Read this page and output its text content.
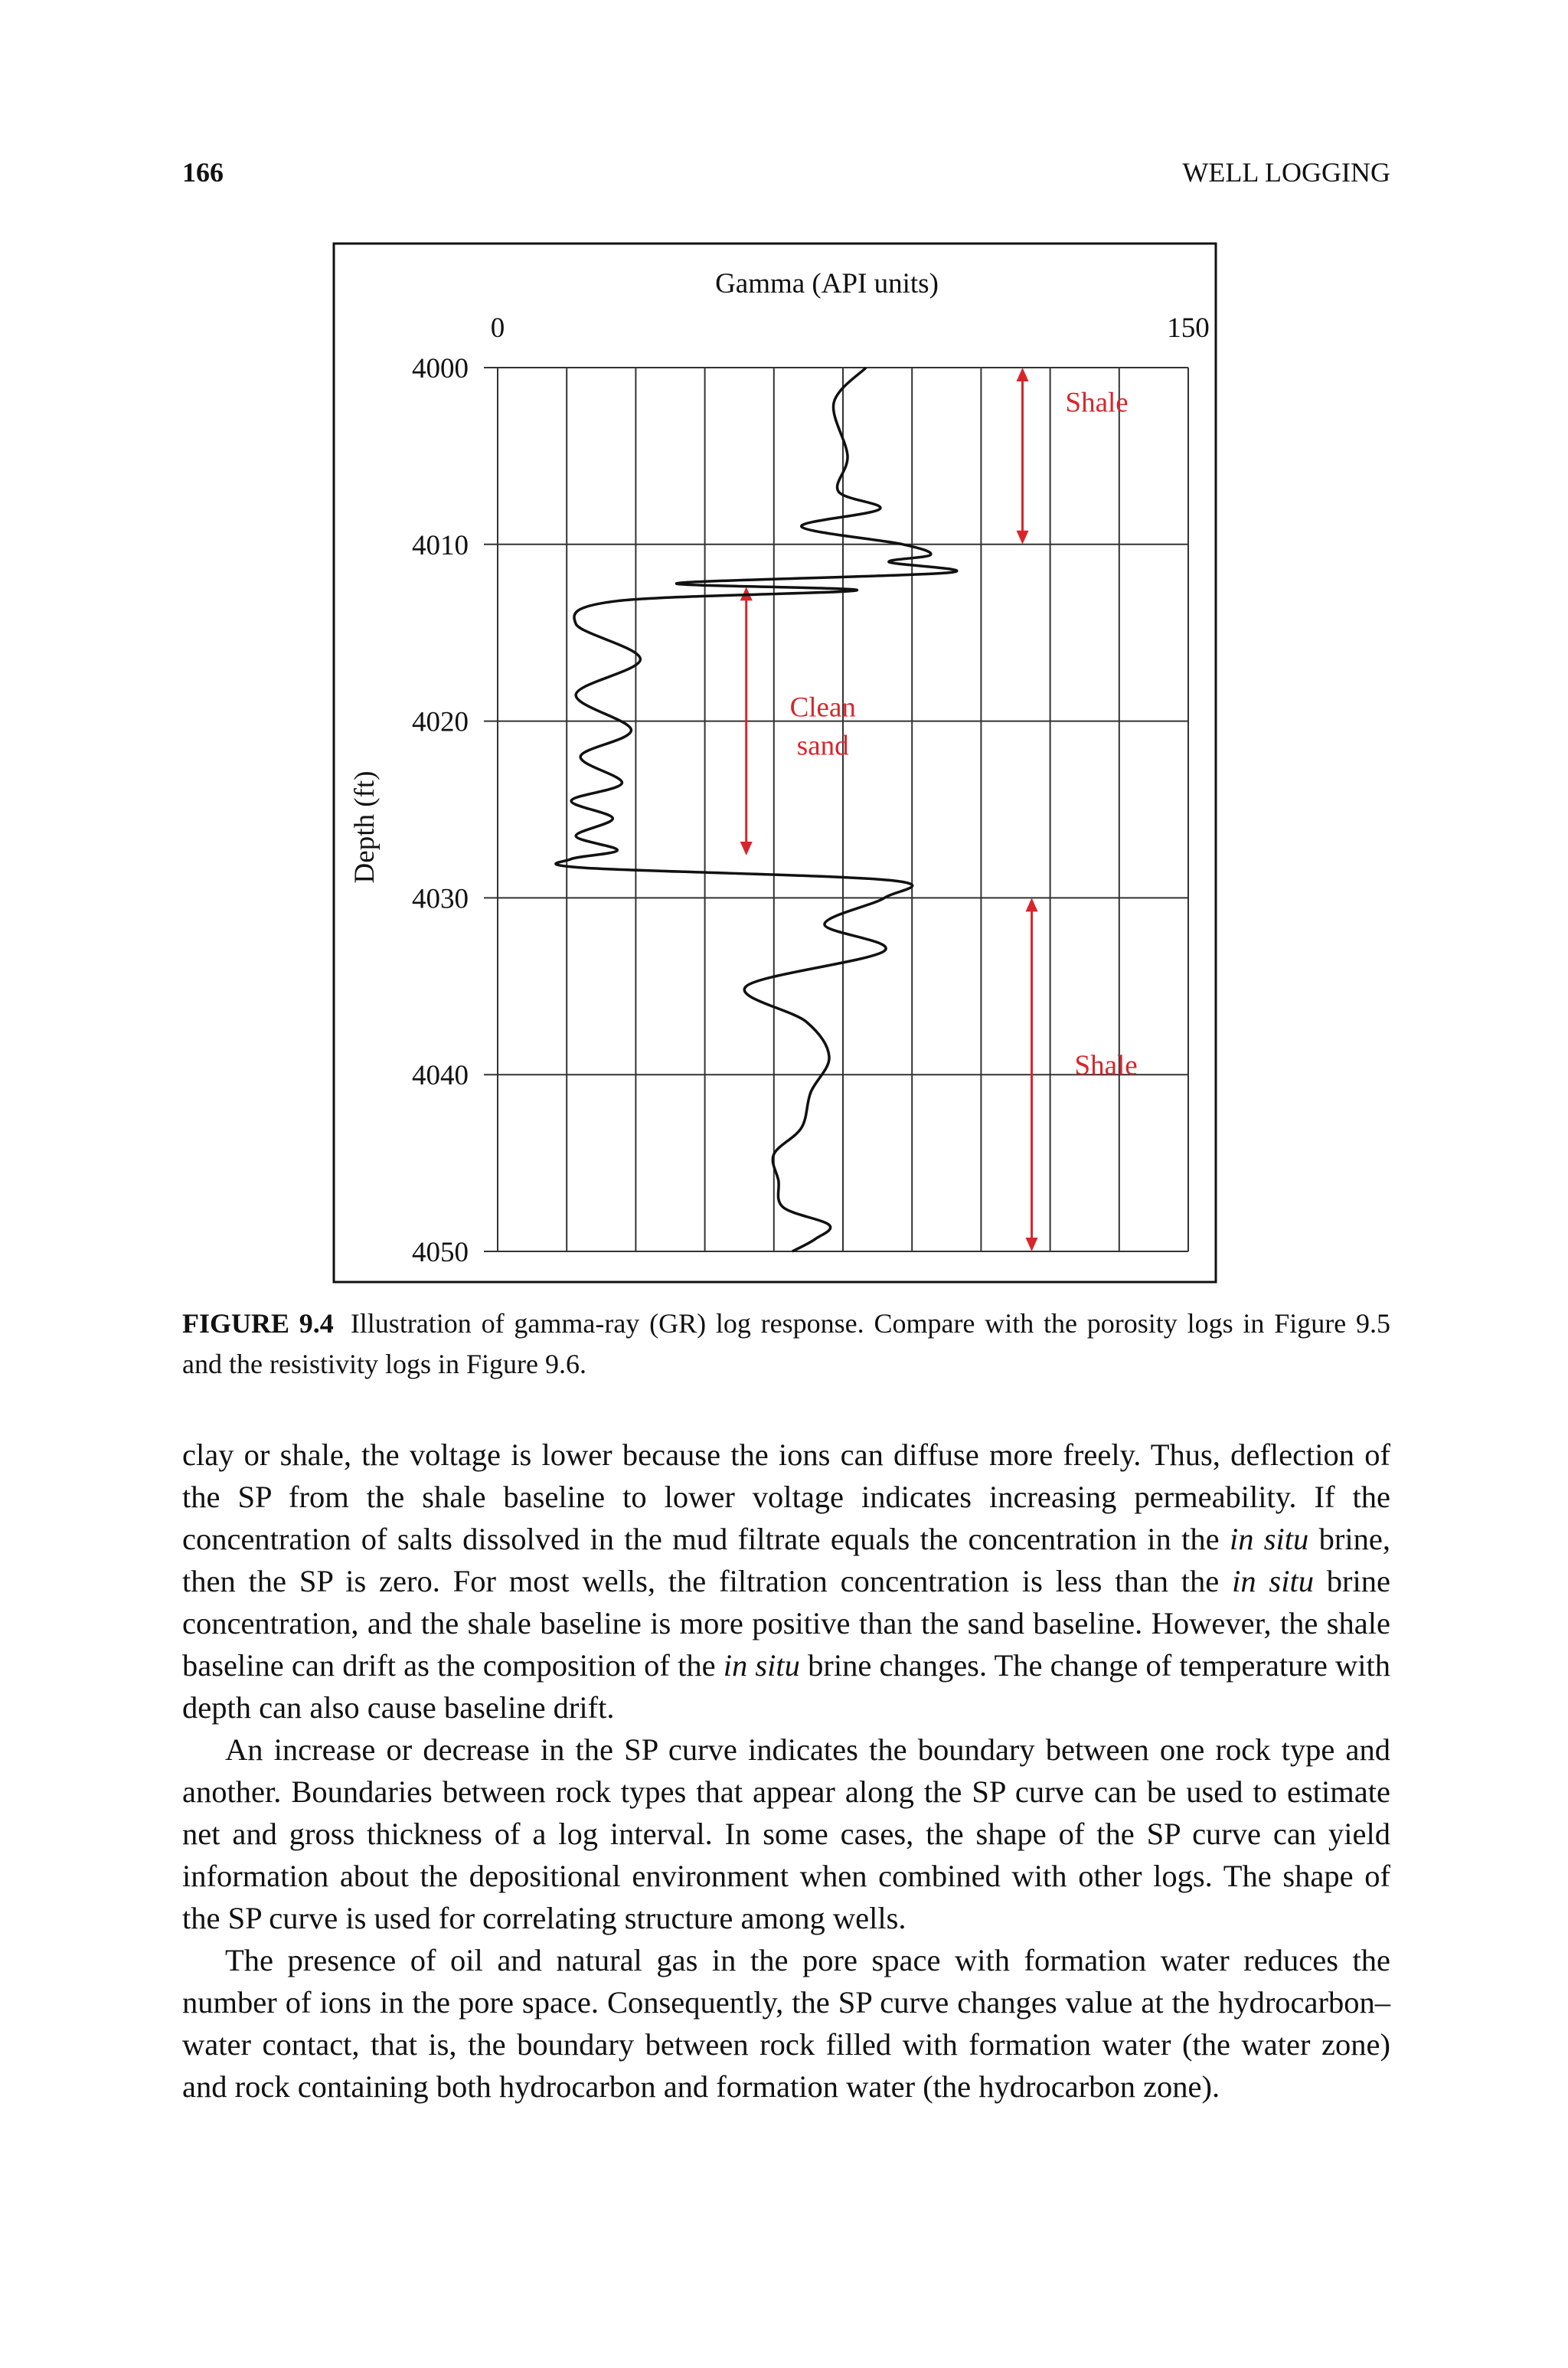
166	WELL LOGGING
Shale
Clean sand
Shale
Gamma (API units)
Depth (ft)
0	150
4000
4010
4020
4030
4040
4050

FIGURE 9.4 Illustration of gamma-ray (GR) log response. Compare with the porosity logs in Figure 9.5 and the resistivity logs in Figure 9.6.

clay or shale, the voltage is lower because the ions can diffuse more freely. Thus, deflection of the SP from the shale baseline to lower voltage indicates increasing permeability. If the concentration of salts dissolved in the mud filtrate equals the concentration in the in situ brine, then the SP is zero. For most wells, the filtration concentration is less than the in situ brine concentration, and the shale baseline is more positive than the sand baseline. However, the shale baseline can drift as the composition of the in situ brine changes. The change of temperature with depth can also cause baseline drift.

An increase or decrease in the SP curve indicates the boundary between one rock type and another. Boundaries between rock types that appear along the SP curve can be used to estimate net and gross thickness of a log interval. In some cases, the shape of the SP curve can yield information about the depositional environment when combined with other logs. The shape of the SP curve is used for correlating structure among wells.

The presence of oil and natural gas in the pore space with formation water reduces the number of ions in the pore space. Consequently, the SP curve changes value at the hydrocarbon–water contact, that is, the boundary between rock filled with formation water (the water zone) and rock containing both hydrocarbon and formation water (the hydrocarbon zone).
